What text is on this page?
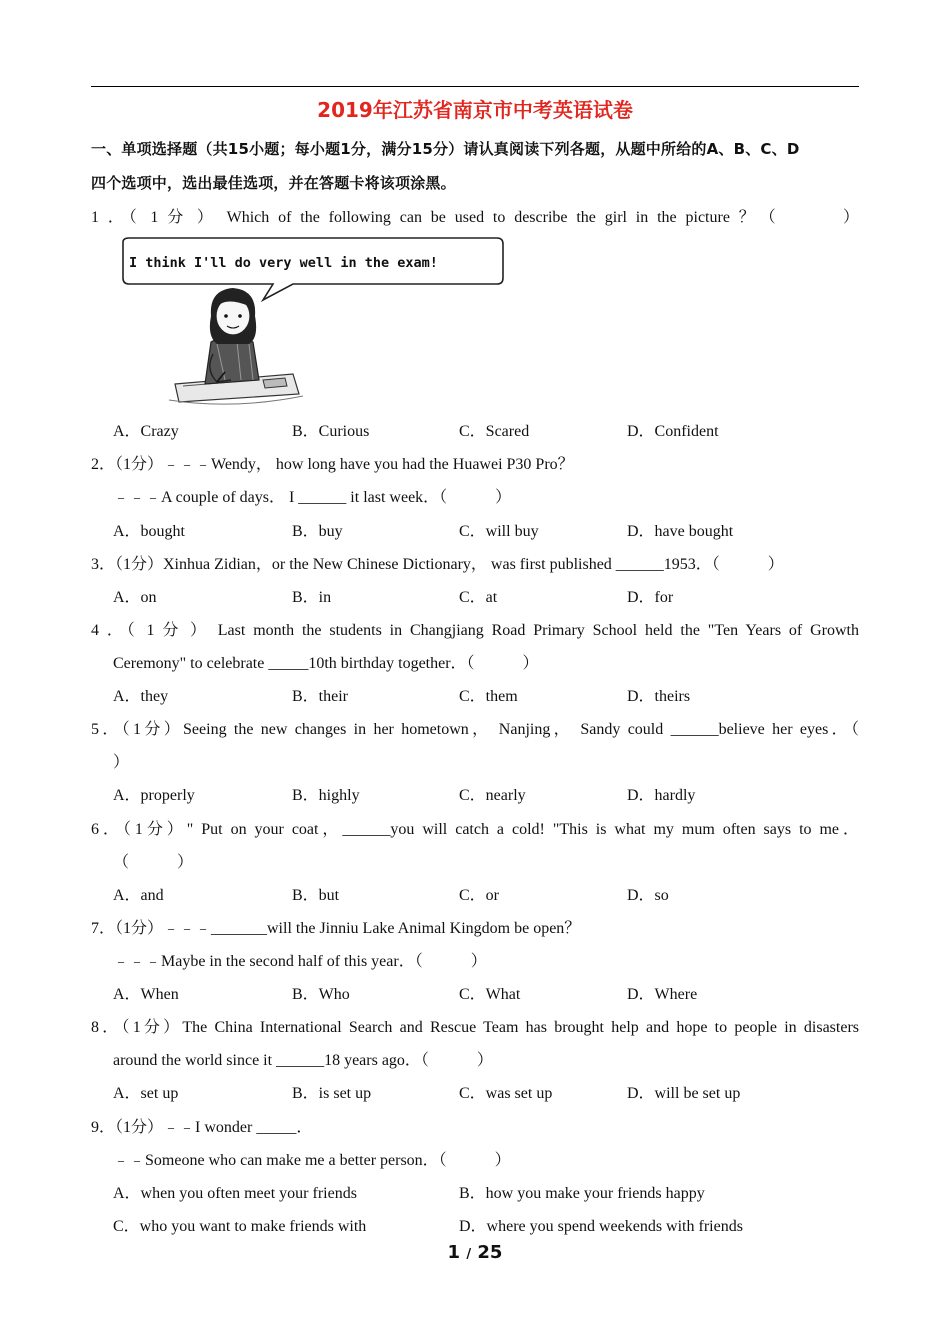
2019年江苏省南京市中考英语试卷
一、单项选择题（共15小题；每小题1分，满分15分）请认真阅读下列各题，从题中所给的A、B、C、D
四个选项中，选出最佳选项，并在答题卡将该项涂黑。
1 ．（ 1 分 ） Which of the following can be used to describe the girl in the picture ？（　　　）
I think I'll do very well in the exam!
A．Crazy	B．Curious	C．Scared	D．Confident
2．（1分）﹣﹣﹣Wendy， how long have you had the Huawei P30 Pro？
﹣﹣﹣A couple of days． I ______ it last week．（　　　）
A．bought	B．buy	C．will buy	D．have bought
3．（1分）Xinhua Zidian，or the New Chinese Dictionary， was first published ______1953．（　　　）
A．on	B．in	C．at	D．for
4 ．（ 1 分 ） Last month the students in Changjiang Road Primary School held the "Ten Years of Growth
Ceremony" to celebrate _____10th birthday together．（　　　）
A．they	B．their	C．them	D．theirs
5．（1分）Seeing the new changes in her hometown， Nanjing， Sandy could ______believe her eyes．（
）
A．properly	B．highly	C．nearly	D．hardly
6．（1分）" Put on your coat，______you will catch a cold! "This is what my mum often says to me．
（　　　）
A．and	B．but	C．or	D．so
7．（1分）﹣﹣﹣_______will the Jinniu Lake Animal Kingdom be open？
﹣﹣﹣Maybe in the second half of this year．（　　　）
A．When	B．Who	C．What	D．Where
8．（1分）The China International Search and Rescue Team has brought help and hope to people in disasters
around the world since it ______18 years ago．（　　　）
A．set up	B．is set up	C．was set up	D．will be set up
9．（1分）﹣﹣I wonder _____．
﹣﹣Someone who can make me a better person．（　　　）
A．when you often meet your friends	B．how you make your friends happy
C．who you want to make friends with	D．where you spend weekends with friends
1 / 25
